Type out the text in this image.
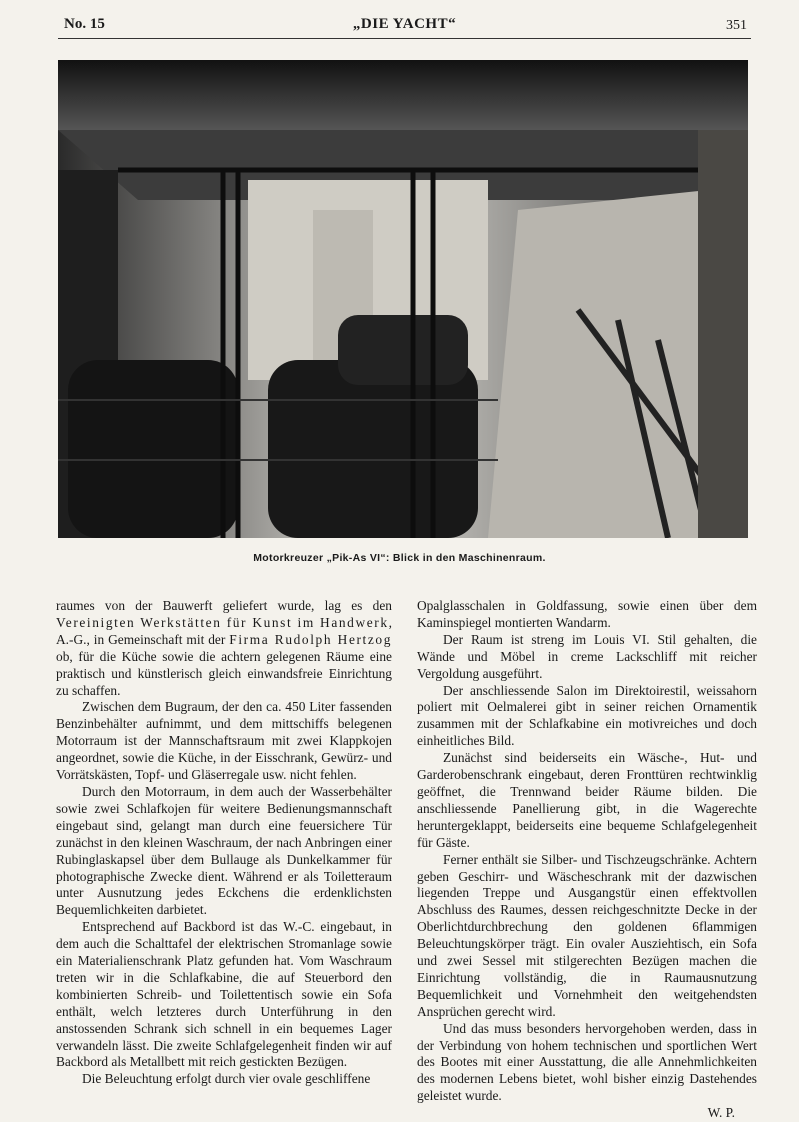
No. 15	„DIE YACHT“	351
Motorkreuzer „Pik-As VI“: Blick in den Maschinenraum.

raumes von der Bauwerft geliefert wurde, lag es den Vereinigten Werkstätten für Kunst im Handwerk, A.-G., in Gemeinschaft mit der Firma Rudolph Hertzog ob, für die Küche sowie die achtern gelegenen Räume eine praktisch und künstlerisch gleich einwandsfreie Einrichtung zu schaffen.

Zwischen dem Bugraum, der den ca. 450 Liter fassenden Benzinbehälter aufnimmt, und dem mittschiffs belegenen Motorraum ist der Mannschaftsraum mit zwei Klappkojen angeordnet, sowie die Küche, in der Eisschrank, Gewürz- und Vorrätskästen, Topf- und Gläserregale usw. nicht fehlen.

Durch den Motorraum, in dem auch der Wasserbehälter sowie zwei Schlafkojen für weitere Bedienungsmannschaft eingebaut sind, gelangt man durch eine feuersichere Tür zunächst in den kleinen Waschraum, der nach Anbringen einer Rubinglaskapsel über dem Bullauge als Dunkelkammer für photographische Zwecke dient. Während er als Toiletteraum unter Ausnutzung jedes Eckchens die erdenklichsten Bequemlichkeiten darbietet.

Entsprechend auf Backbord ist das W.-C. eingebaut, in dem auch die Schalttafel der elektrischen Stromanlage sowie ein Materialienschrank Platz gefunden hat. Vom Waschraum treten wir in die Schlafkabine, die auf Steuerbord den kombinierten Schreib- und Toilettentisch sowie ein Sofa enthält, welch letzteres durch Unterführung in den anstossenden Schrank sich schnell in ein bequemes Lager verwandeln lässt. Die zweite Schlafgelegenheit finden wir auf Backbord als Metallbett mit reich gestickten Bezügen.

Die Beleuchtung erfolgt durch vier ovale geschliffene

Opalglasschalen in Goldfassung, sowie einen über dem Kaminspiegel montierten Wandarm.

Der Raum ist streng im Louis VI. Stil gehalten, die Wände und Möbel in creme Lackschliff mit reicher Vergoldung ausgeführt.

Der anschliessende Salon im Direktoirestil, weissahorn poliert mit Oelmalerei gibt in seiner reichen Ornamentik zusammen mit der Schlafkabine ein motivreiches und doch einheitliches Bild.

Zunächst sind beiderseits ein Wäsche-, Hut- und Garderobenschrank eingebaut, deren Fronttüren rechtwinklig geöffnet, die Trennwand beider Räume bilden. Die anschliessende Panellierung gibt, in die Wagerechte heruntergeklappt, beiderseits eine bequeme Schlafgelegenheit für Gäste.

Ferner enthält sie Silber- und Tischzeugschränke. Achtern geben Geschirr- und Wäscheschrank mit der dazwischen liegenden Treppe und Ausgangstür einen effektvollen Abschluss des Raumes, dessen reichgeschnitzte Decke in der Oberlichtdurchbrechung den goldenen 6flammigen Beleuchtungskörper trägt. Ein ovaler Ausziehtisch, ein Sofa und zwei Sessel mit stilgerechten Bezügen machen die Einrichtung vollständig, die in Raumausnutzung Bequemlichkeit und Vornehmheit den weitgehendsten Ansprüchen gerecht wird.

Und das muss besonders hervorgehoben werden, dass in der Verbindung von hohem technischen und sportlichen Wert des Bootes mit einer Ausstattung, die alle Annehmlichkeiten des modernen Lebens bietet, wohl bisher einzig Dastehendes geleistet wurde.

W. P.
